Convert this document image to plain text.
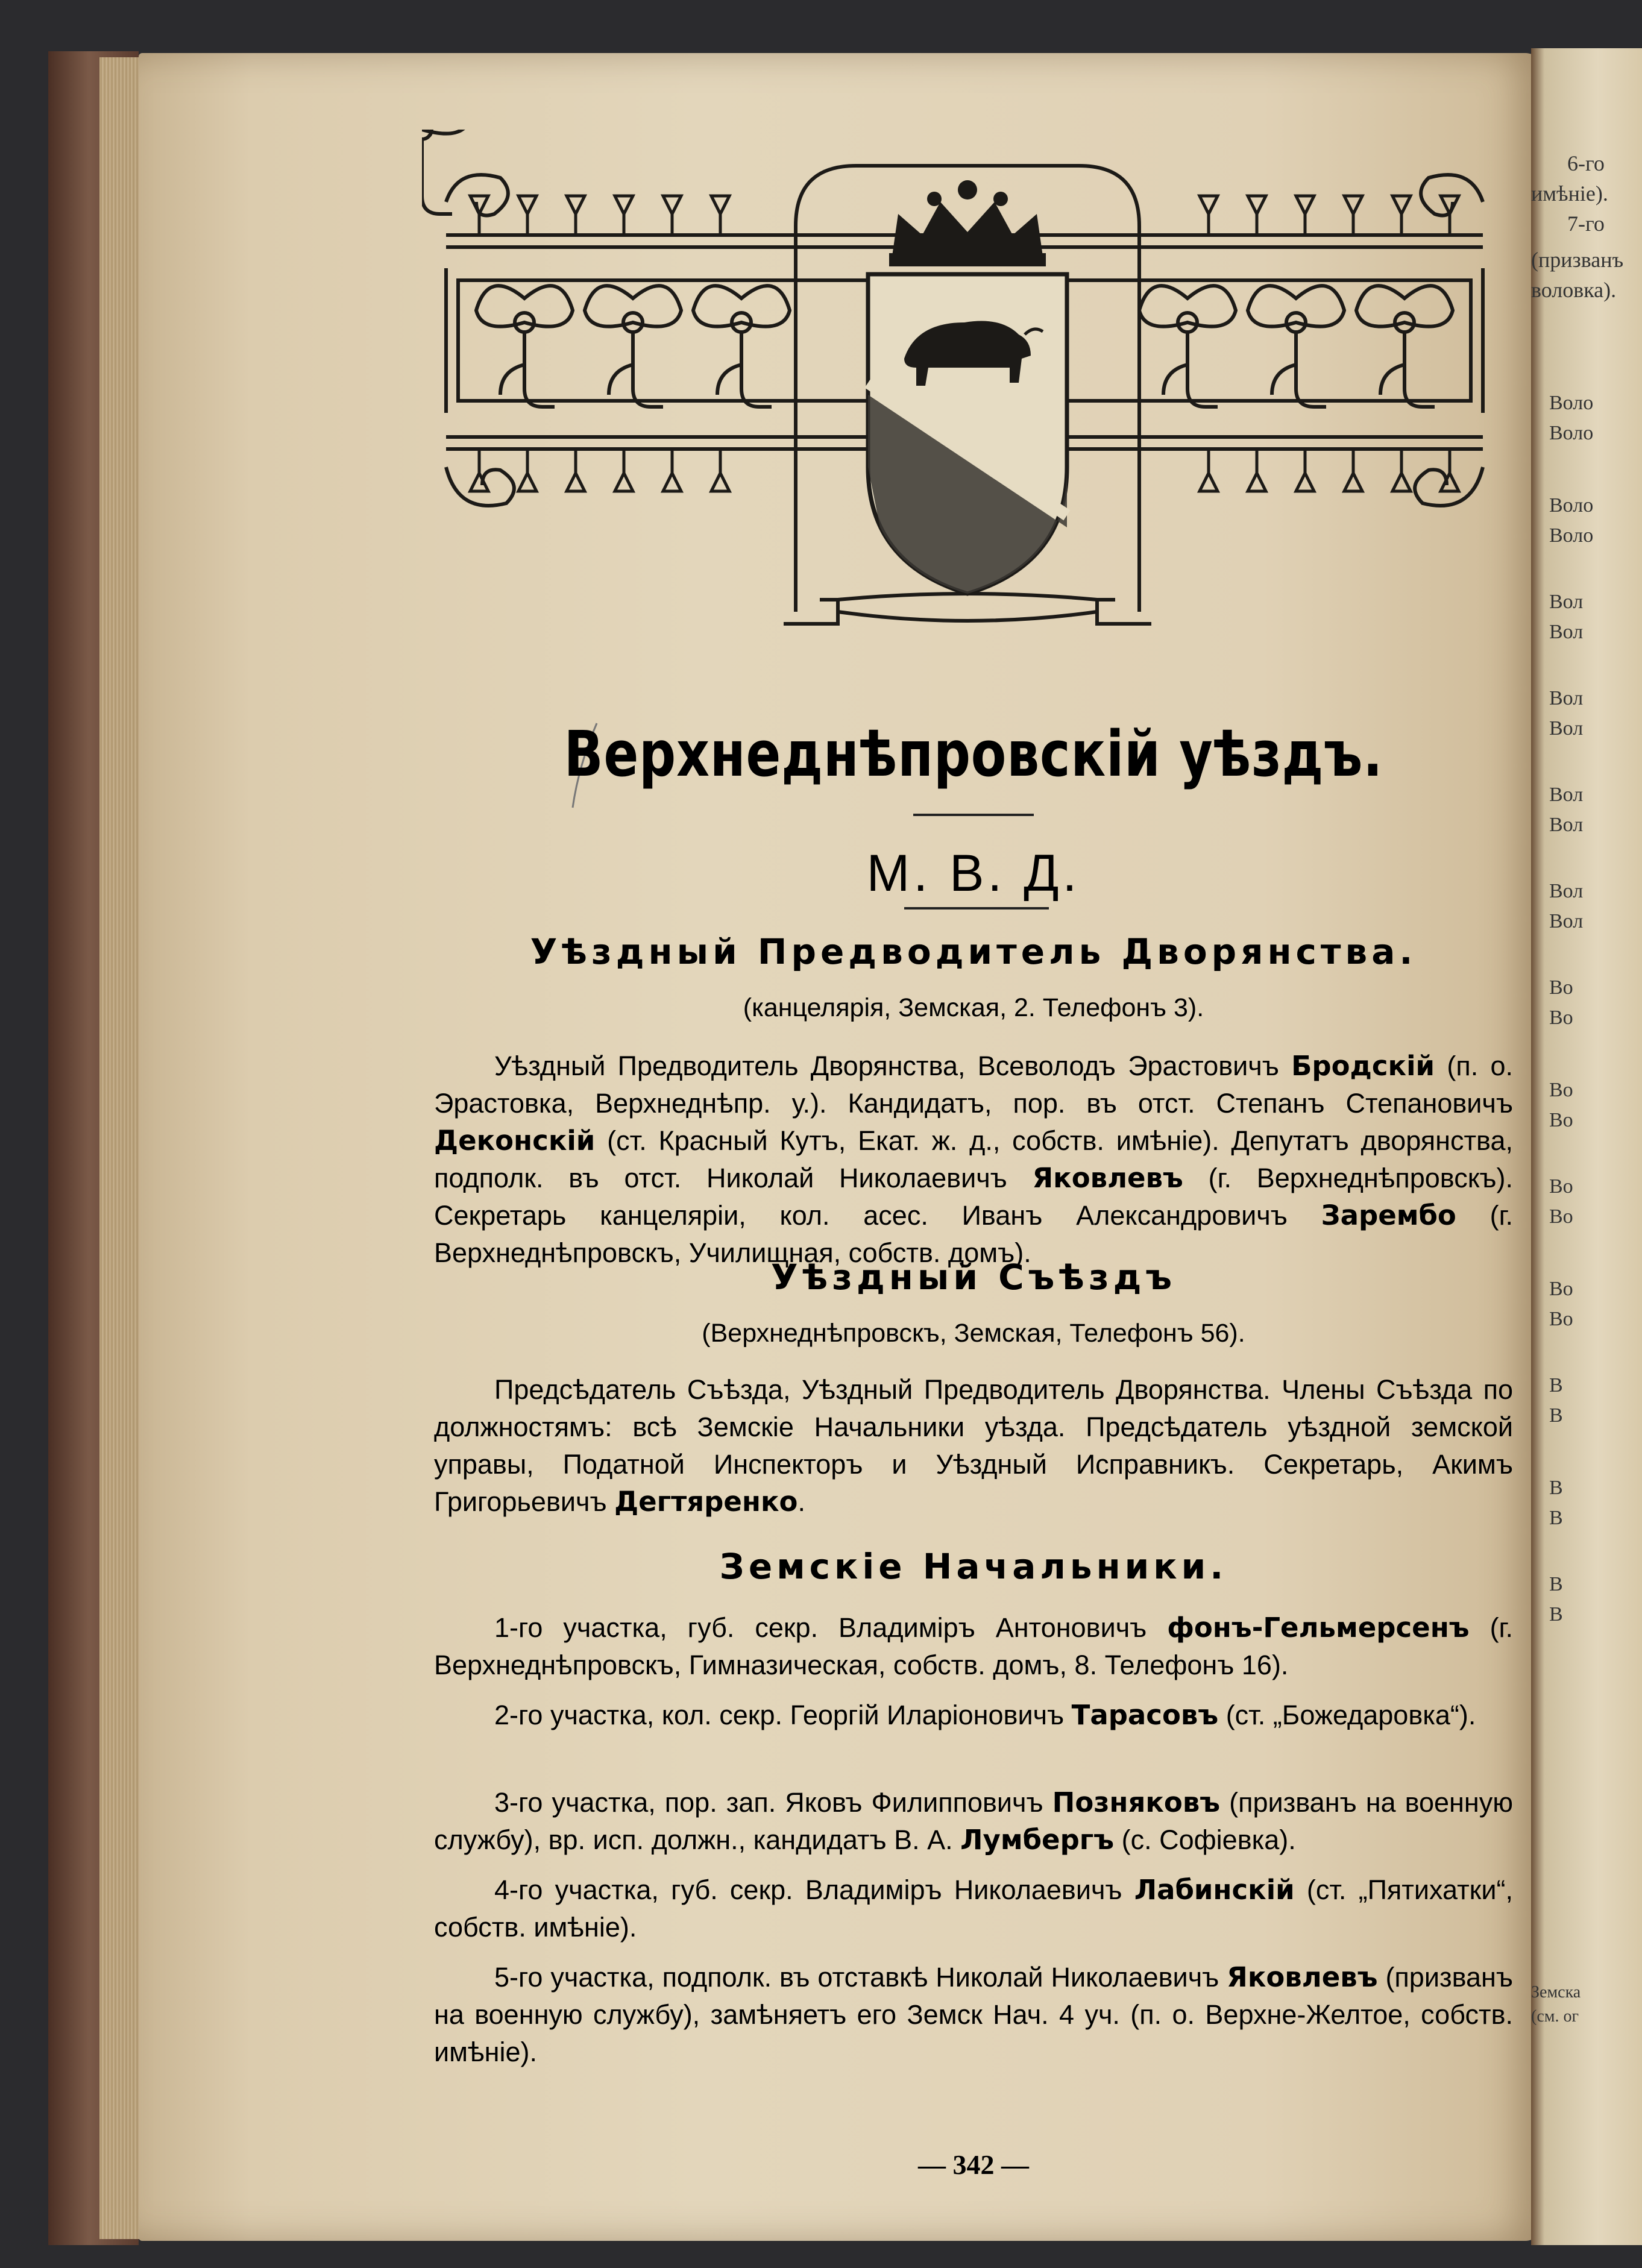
6-го
имѣніе).
7-го
(призванъ
воловка).
Воло
Воло
Воло
Воло
Вол
Вол
Вол
Вол
Вол
Вол
Вол
Вол
Во
Во
Во
Во
Во
Во
Во
Во
В
В
В
В
В
В
Земска
(см. ог
Верхнеднѣпровскій уѣздъ.
М. В. Д.
Уѣздный Предводитель Дворянства.
(канцелярія, Земская, 2. Телефонъ 3).
Уѣздный Предводитель Дворянства, Всеволодъ Эрастовичъ Бродскій (п. о. Эрастовка, Верхнеднѣпр. у.). Кандидатъ, пор. въ отст. Степанъ Степановичъ Деконскій (ст. Красный Кутъ, Екат. ж. д., собств. имѣніе). Депутатъ дворянства, подполк. въ отст. Николай Николаевичъ Яковлевъ (г. Верхнеднѣпровскъ). Секретарь канцеляріи, кол. асес. Иванъ Александровичъ Зарембо (г. Верхнеднѣпровскъ, Училищная, собств. домъ).
Уѣздный Съѣздъ
(Верхнеднѣпровскъ, Земская, Телефонъ 56).
Предсѣдатель Съѣзда, Уѣздный Предводитель Дворянства. Члены Съѣзда по должностямъ: всѣ Земскіе Начальники уѣзда. Предсѣдатель уѣздной земской управы, Податной Инспекторъ и Уѣздный Исправникъ. Секретарь, Акимъ Григорьевичъ Дегтяренко.
Земскіе Начальники.
1-го участка, губ. секр. Владиміръ Антоновичъ фонъ-Гельмерсенъ (г. Верхнеднѣпровскъ, Гимназическая, собств. домъ, 8. Телефонъ 16).
2-го участка, кол. секр. Георгій Иларіоновичъ Тарасовъ (ст. „Божедаровка“).
3-го участка, пор. зап. Яковъ Филипповичъ Позняковъ (призванъ на военную службу), вр. исп. должн., кандидатъ В. А. Лумбергъ (с. Софіевка).
4-го участка, губ. секр. Владиміръ Николаевичъ Лабинскій (ст. „Пятихатки“, собств. имѣніе).
5-го участка, подполк. въ отставкѣ Николай Николаевичъ Яковлевъ (призванъ на военную службу), замѣняетъ его Земск Нач. 4 уч. (п. о. Верхне-Желтое, собств. имѣніе).
— 342 —
